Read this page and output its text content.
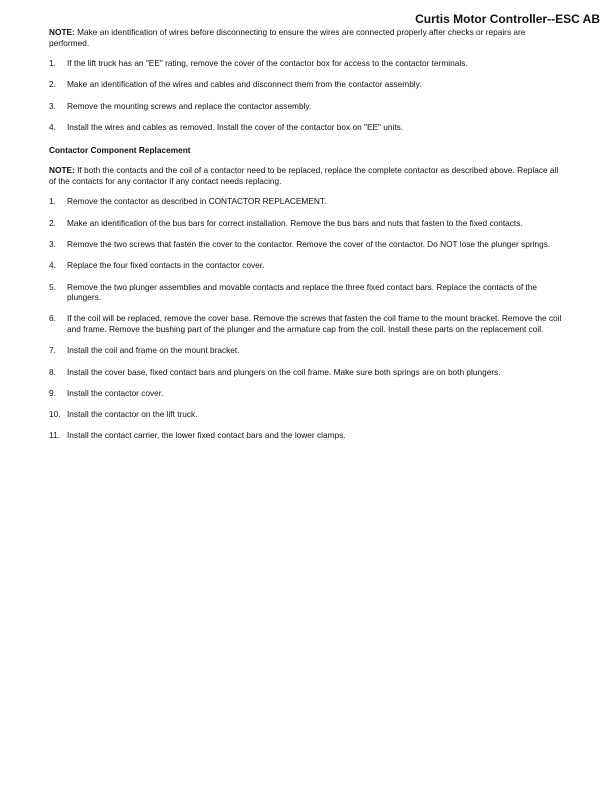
Curtis Motor Controller--ESC AB

NOTE: Make an identification of wires before disconnecting to ensure the wires are connected properly after checks or repairs are performed.

1.	If the lift truck has an "EE" rating, remove the cover of the contactor box for access to the contactor terminals.
2.	Make an identification of the wires and cables and disconnect them from the contactor assembly.
3.	Remove the mounting screws and replace the contactor assembly.
4.	Install the wires and cables as removed. Install the cover of the contactor box on "EE" units.

Contactor Component Replacement

NOTE: If both the contacts and the coil of a contactor need to be replaced, replace the complete contactor as described above. Replace all of the contacts for any contactor if any contact needs replacing.

1.	Remove the contactor as described in CONTACTOR REPLACEMENT.
2.	Make an identification of the bus bars for correct installation. Remove the bus bars and nuts that fasten to the fixed contacts.
3.	Remove the two screws that fasten the cover to the contactor. Remove the cover of the contactor. Do NOT lose the plunger springs.
4.	Replace the four fixed contacts in the contactor cover.
5.	Remove the two plunger assemblies and movable contacts and replace the three fixed contact bars. Replace the contacts of the plungers.
6.	If the coil will be replaced, remove the cover base. Remove the screws that fasten the coil frame to the mount bracket. Remove the coil and frame. Remove the bushing part of the plunger and the armature cap from the coil. Install these parts on the replacement coil.
7.	Install the coil and frame on the mount bracket.
8.	Install the cover base, fixed contact bars and plungers on the coil frame. Make sure both springs are on both plungers.
9.	Install the contactor cover.
10. Install the contactor on the lift truck.
11. Install the contact carrier, the lower fixed contact bars and the lower clamps.
